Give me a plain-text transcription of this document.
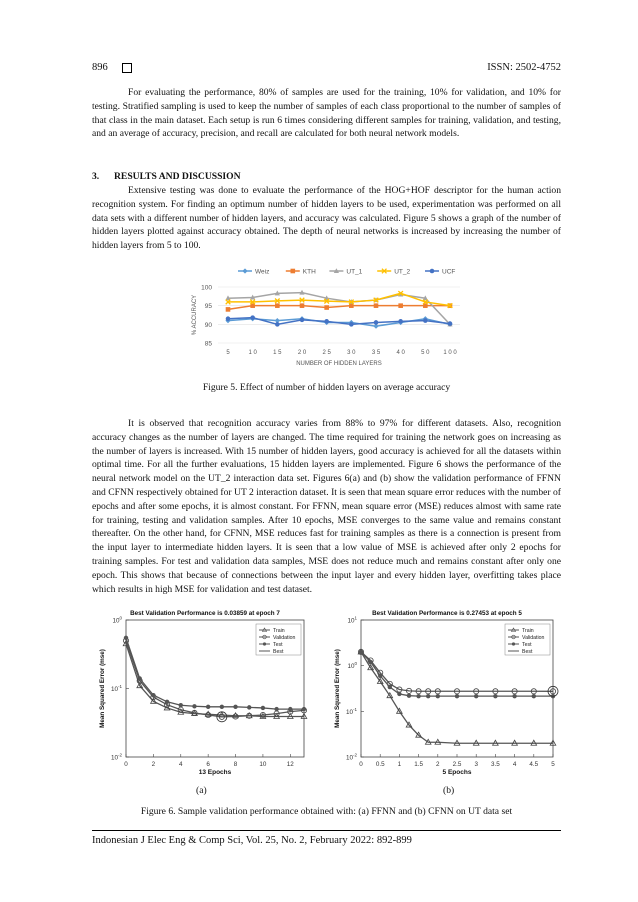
896	ISSN: 2502-4752
For evaluating the performance, 80% of samples are used for the training, 10% for validation, and 10% for testing. Stratified sampling is used to keep the number of samples of each class proportional to the number of samples of that class in the main dataset. Each setup is run 6 times considering different samples for training, validation, and testing, and an average of accuracy, precision, and recall are calculated for both neural network models.
3. RESULTS AND DISCUSSION
Extensive testing was done to evaluate the performance of the HOG+HOF descriptor for the human action recognition system. For finding an optimum number of hidden layers to be used, experimentation was performed on all data sets with a different number of hidden layers, and accuracy was calculated. Figure 5 shows a graph of the number of hidden layers plotted against accuracy obtained. The depth of neural networks is increased by increasing the number of hidden layers from 5 to 100.
85
90
95
100
5	1 0	1 5	2 0	2 5	3 0	3 5	4 0	5 0 1 0 0
NUMBER OF HIDDEN LAYERS
% ACCURACY
Weiz	KTH	UT_1	UT_2	UCF
Figure 5. Effect of number of hidden layers on average accuracy
It is observed that recognition accuracy varies from 88% to 97% for different datasets. Also, recognition accuracy changes as the number of layers are changed. The time required for training the network goes on increasing as the number of layers is increased. With 15 number of hidden layers, good accuracy is achieved for all the datasets within optimal time. For all the further evaluations, 15 hidden layers are implemented. Figure 6 shows the performance of the neural network model on the UT_2 interaction data set. Figures 6(a) and (b) show the validation performance of FFNN and CFNN respectively obtained for UT 2 interaction dataset. It is seen that mean square error reduces with the number of epochs and after some epochs, it is almost constant. For FFNN, mean square error (MSE) reduces almost with same rate for training, testing and validation samples. After 10 epochs, MSE converges to the same value and remains constant thereafter. On the other hand, for CFNN, MSE reduces fast for training samples as there is a connection is present from the input layer to intermediate hidden layers. It is seen that a low value of MSE is achieved after only 2 epochs for training samples. For test and validation data samples, MSE does not reduce much and remains constant after only one epoch. This shows that because of connections between the input layer and every hidden layer, overfitting takes place which results in high MSE for validation and test dataset.
Best Validation Performance is 0.03859 at epoch 7
$10^0$
$10^{-1}$
$10^{-2}$
0	2	4	6	8	10	12
13 Epochs
Mean Squared Error (mse)
Train
Validation
Test
Best
Best Validation Performance is 0.27453 at epoch 5
$10^1$
$10^0$
$10^{-1}$
$10^{-2}$
0 0.5 1 1.5 2 2.5 3 3.5 4 4.5 5
5 Epochs
Mean Squared Error (mse)
Train
Validation
Test
Best
(a)	(b)
Figure 6. Sample validation performance obtained with: (a) FFNN and (b) CFNN on UT data set
Indonesian J Elec Eng & Comp Sci, Vol. 25, No. 2, February 2022: 892-899
